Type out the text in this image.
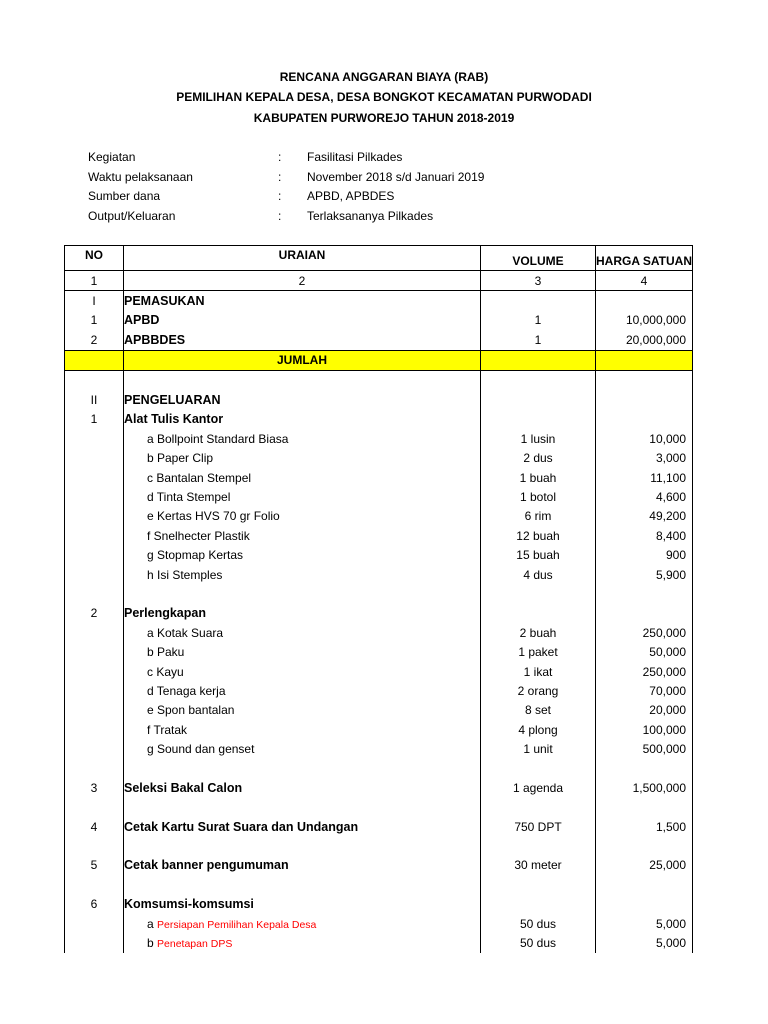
RENCANA ANGGARAN BIAYA (RAB)
PEMILIHAN KEPALA DESA, DESA BONGKOT KECAMATAN PURWODADI
KABUPATEN PURWOREJO TAHUN 2018-2019
Kegiatan	: Fasilitasi Pilkades
Waktu pelaksanaan	: November 2018 s/d Januari 2019
Sumber dana	: APBD, APBDES
Output/Keluaran	: Terlaksananya Pilkades
NO	URAIAN	VOLUME	HARGA SATUAN
1	2	3	4
I	PEMASUKAN		
1	APBD	1	10,000,000
2	APBBDES	1	20,000,000
	JUMLAH		

II	PENGELUARAN		
1	Alat Tulis Kantor		
	a Bollpoint Standard Biasa	1 lusin	10,000
	b Paper Clip	2 dus	3,000
	c Bantalan Stempel	1 buah	11,100
	d Tinta Stempel	1 botol	4,600
	e Kertas HVS 70 gr Folio	6 rim	49,200
	f Snelhecter Plastik	12 buah	8,400
	g Stopmap Kertas	15 buah	900
	h Isi Stemples	4 dus	5,900

2	Perlengkapan		
	a Kotak Suara	2 buah	250,000
	b Paku	1 paket	50,000
	c Kayu	1 ikat	250,000
	d Tenaga kerja	2 orang	70,000
	e Spon bantalan	8 set	20,000
	f Tratak	4 plong	100,000
	g Sound dan genset	1 unit	500,000

3	Seleksi Bakal Calon	1 agenda	1,500,000

4	Cetak Kartu Surat Suara dan Undangan	750 DPT	1,500

5	Cetak banner pengumuman	30 meter	25,000

6	Komsumsi-komsumsi		
	a Persiapan Pemilihan Kepala Desa	50 dus	5,000
	b Penetapan DPS	50 dus	5,000
